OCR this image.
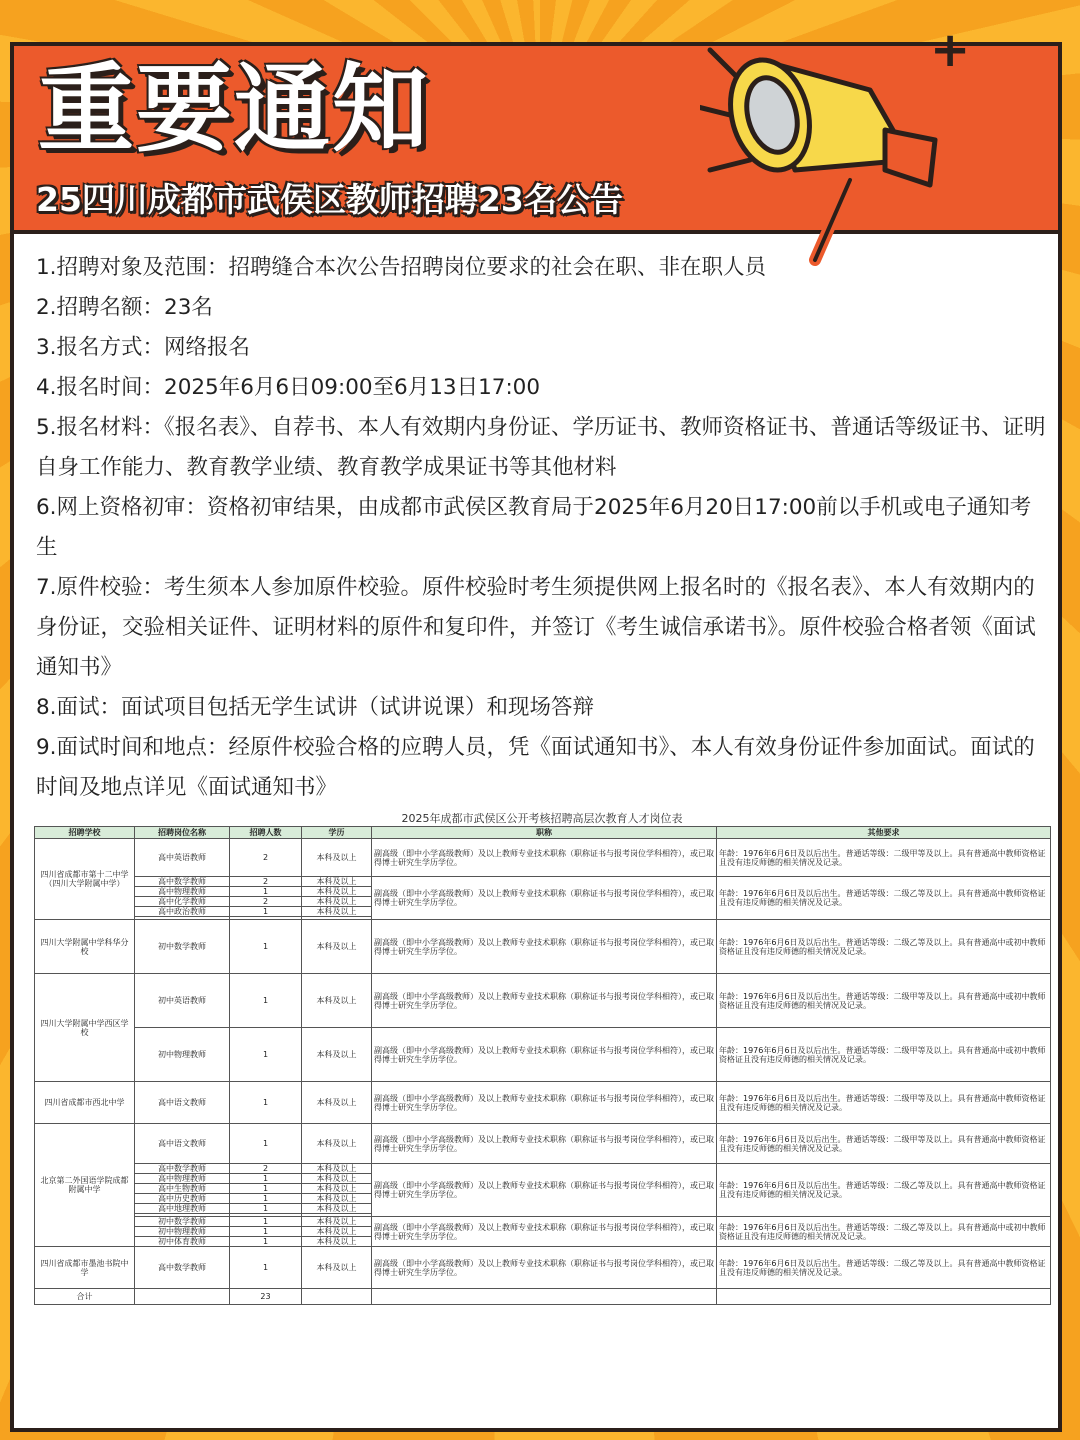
重要通知
25四川成都市武侯区教师招聘23名公告

1.招聘对象及范围：招聘缝合本次公告招聘岗位要求的社会在职、非在职人员

2.招聘名额：23名

3.报名方式：网络报名

4.报名时间：2025年6月6日09:00至6月13日17:00

5.报名材料：《报名表》、自荐书、本人有效期内身份证、学历证书、教师资格证书、普通话等级证书、证明自身工作能力、教育教学业绩、教育教学成果证书等其他材料

6.网上资格初审：资格初审结果，由成都市武侯区教育局于2025年6月20日17:00前以手机或电子通知考生

7.原件校验：考生须本人参加原件校验。原件校验时考生须提供网上报名时的《报名表》、本人有效期内的身份证，交验相关证件、证明材料的原件和复印件，并签订《考生诚信承诺书》。原件校验合格者领《面试通知书》

8.面试：面试项目包括无学生试讲（试讲说课）和现场答辩

9.面试时间和地点：经原件校验合格的应聘人员，凭《面试通知书》、本人有效身份证件参加面试。面试的时间及地点详见《面试通知书》

2025年成都市武侯区公开考核招聘高层次教育人才岗位表
招聘学校	招聘岗位名称	招聘人数	学历	职称	其他要求
四川省成都市第十二中学（四川大学附属中学）	高中英语教师	2	本科及以上	副高级（即中小学高级教师）及以上教师专业技术职称（职称证书与报考岗位学科相符），或已取得博士研究生学历学位。	年龄：1976年6月6日及以后出生。普通话等级：二级甲等及以上。具有普通高中教师资格证且没有违反师德的相关情况及记录。
	高中数学教师	2	本科及以上	副高级（即中小学高级教师）及以上教师专业技术职称（职称证书与报考岗位学科相符），或已取得博士研究生学历学位。	年龄：1976年6月6日及以后出生。普通话等级：二级乙等及以上。具有普通高中教师资格证且没有违反师德的相关情况及记录。
	高中物理教师	1	本科及以上		
	高中化学教师	2	本科及以上		
	高中政治教师	1	本科及以上		

四川大学附属中学科华分校	初中数学教师	1	本科及以上	副高级（即中小学高级教师）及以上教师专业技术职称（职称证书与报考岗位学科相符），或已取得博士研究生学历学位。	年龄：1976年6月6日及以后出生。普通话等级：二级乙等及以上。具有普通高中或初中教师资格证且没有违反师德的相关情况及记录。
四川大学附属中学西区学校	初中英语教师	1	本科及以上	副高级（即中小学高级教师）及以上教师专业技术职称（职称证书与报考岗位学科相符），或已取得博士研究生学历学位。	年龄：1976年6月6日及以后出生。普通话等级：二级甲等及以上。具有普通高中或初中教师资格证且没有违反师德的相关情况及记录。
	初中物理教师	1	本科及以上	副高级（即中小学高级教师）及以上教师专业技术职称（职称证书与报考岗位学科相符），或已取得博士研究生学历学位。	年龄：1976年6月6日及以后出生。普通话等级：二级甲等及以上。具有普通高中或初中教师资格证且没有违反师德的相关情况及记录。
四川省成都市西北中学	高中语文教师	1	本科及以上	副高级（即中小学高级教师）及以上教师专业技术职称（职称证书与报考岗位学科相符），或已取得博士研究生学历学位。	年龄：1976年6月6日及以后出生。普通话等级：二级甲等及以上。具有普通高中教师资格证且没有违反师德的相关情况及记录。
北京第二外国语学院成都附属中学	高中语文教师	1	本科及以上	副高级（即中小学高级教师）及以上教师专业技术职称（职称证书与报考岗位学科相符），或已取得博士研究生学历学位。	年龄：1976年6月6日及以后出生。普通话等级：二级甲等及以上。具有普通高中教师资格证且没有违反师德的相关情况及记录。
	高中数学教师	2	本科及以上	副高级（即中小学高级教师）及以上教师专业技术职称（职称证书与报考岗位学科相符），或已取得博士研究生学历学位。	年龄：1976年6月6日及以后出生。普通话等级：二级乙等及以上。具有普通高中教师资格证且没有违反师德的相关情况及记录。
	高中物理教师	1	本科及以上		
	高中生物教师	1	本科及以上		
	高中历史教师	1	本科及以上		
	高中地理教师	1	本科及以上		

	初中数学教师	1	本科及以上	副高级（即中小学高级教师）及以上教师专业技术职称（职称证书与报考岗位学科相符），或已取得博士研究生学历学位。	年龄：1976年6月6日及以后出生。普通话等级：二级乙等及以上。具有普通高中或初中教师资格证且没有违反师德的相关情况及记录。
	初中物理教师	1	本科及以上		
	初中体育教师	1	本科及以上		
四川省成都市墨池书院中学	高中数学教师	1	本科及以上	副高级（即中小学高级教师）及以上教师专业技术职称（职称证书与报考岗位学科相符），或已取得博士研究生学历学位。	年龄：1976年6月6日及以后出生。普通话等级：二级乙等及以上。具有普通高中教师资格证且没有违反师德的相关情况及记录。
合计		23			
+
